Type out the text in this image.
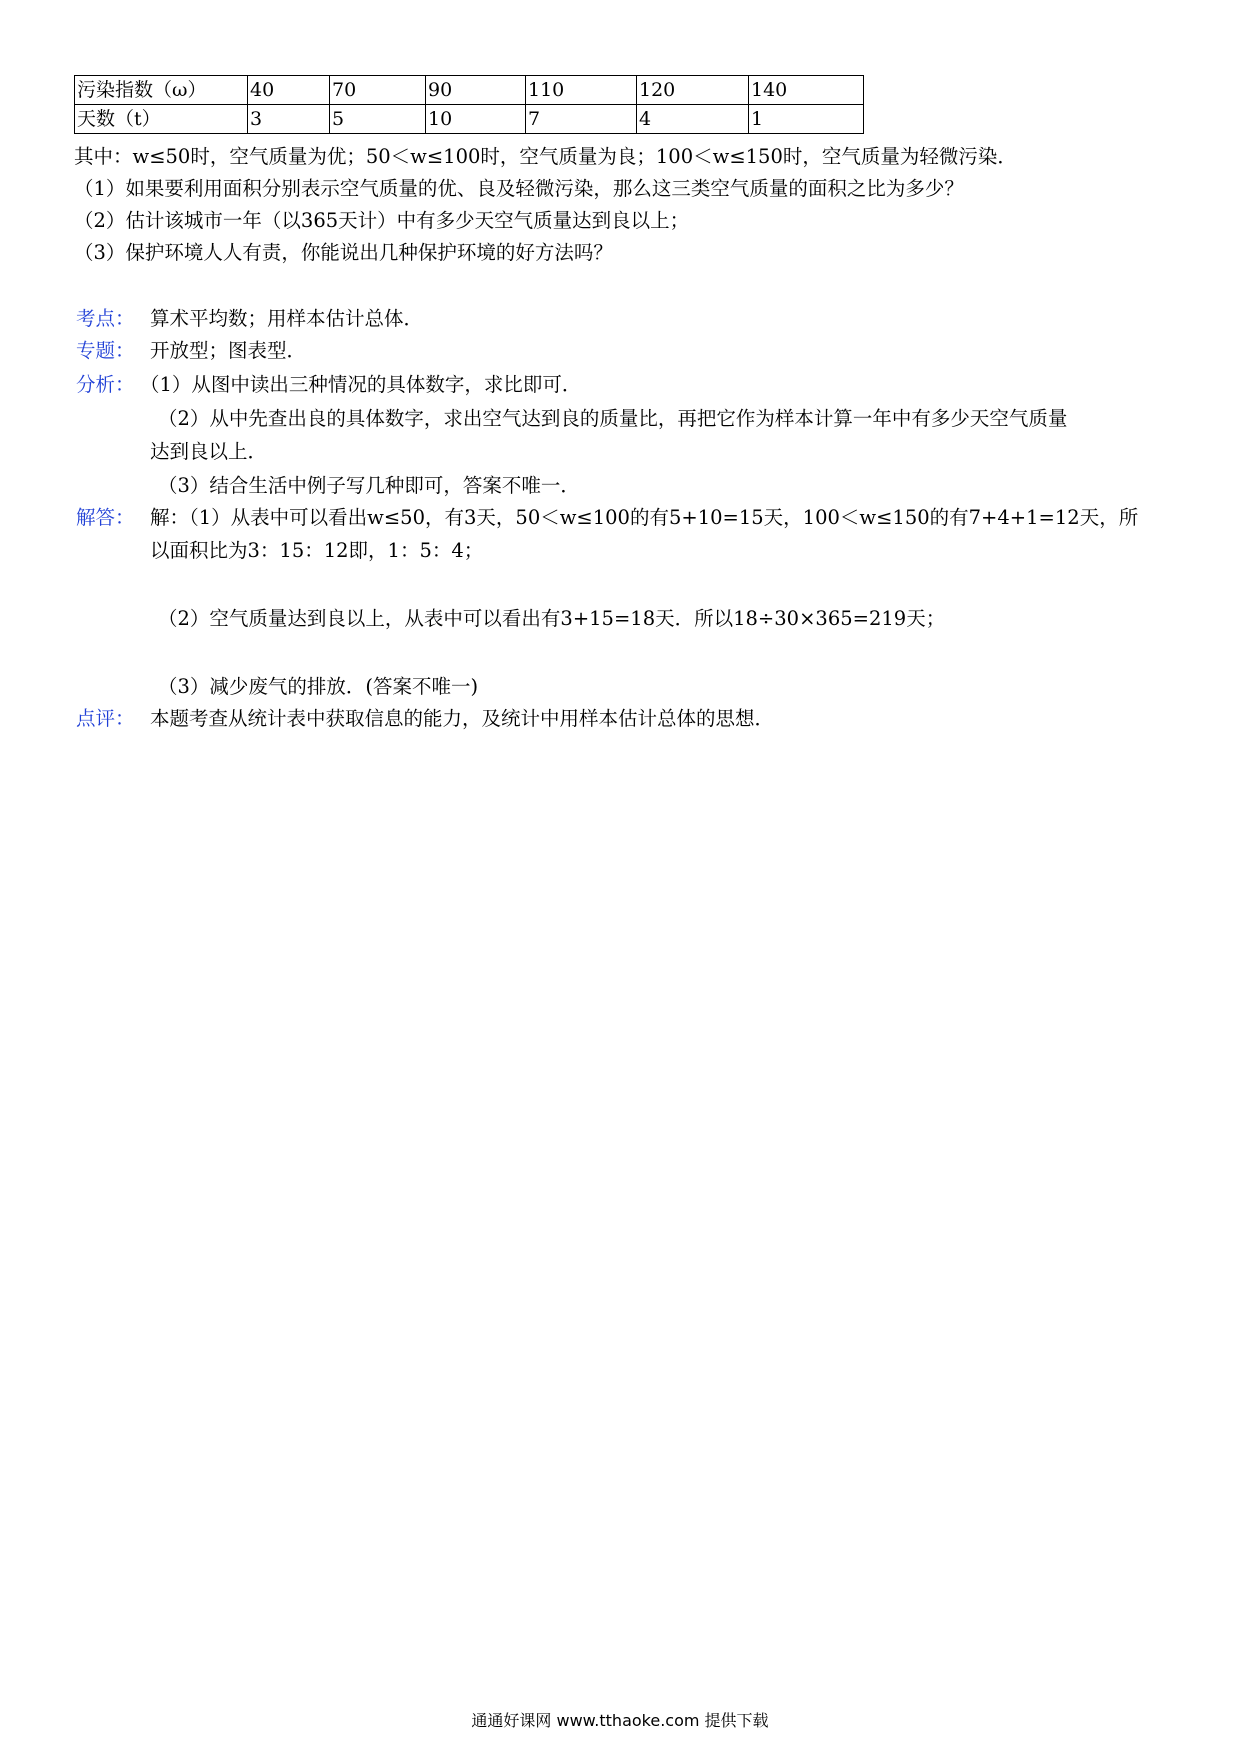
污染指数（ω）	40	70	90	110	120	140
天数（t）	3	5	10	7	4	1
其中：w≤50时，空气质量为优；50＜w≤100时，空气质量为良；100＜w≤150时，空气质量为轻微污染．
（1）如果要利用面积分别表示空气质量的优、良及轻微污染，那么这三类空气质量的面积之比为多少？
（2）估计该城市一年（以365天计）中有多少天空气质量达到良以上；
（3）保护环境人人有责，你能说出几种保护环境的好方法吗？
考点： 算术平均数；用样本估计总体．
专题： 开放型；图表型．
分析： （1）从图中读出三种情况的具体数字，求比即可．
（2）从中先查出良的具体数字，求出空气达到良的质量比，再把它作为样本计算一年中有多少天空气质量
达到良以上．
（3）结合生活中例子写几种即可，答案不唯一．
解答： 解：（1）从表中可以看出w≤50，有3天，50＜w≤100的有5+10=15天，100＜w≤150的有7+4+1=12天，所
以面积比为3：15：12即，1：5：4；
（2）空气质量达到良以上，从表中可以看出有3+15=18天．所以18÷30×365=219天；
（3）减少废气的排放．(答案不唯一)
点评： 本题考查从统计表中获取信息的能力，及统计中用样本估计总体的思想．
通通好课网 www.tthaoke.com 提供下载
